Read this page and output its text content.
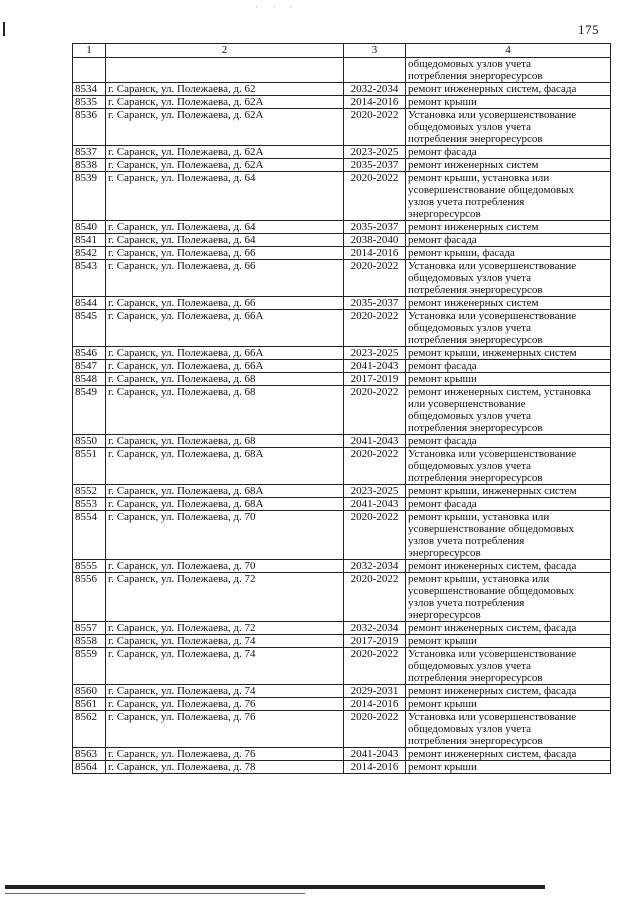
· · ·
175
1	2	3	4

			общедомовых узлов учета
потребления энергоресурсов

8534	г. Саранск, ул. Полежаева, д. 62	2032-2034	ремонт инженерных систем, фасада

8535	г. Саранск, ул. Полежаева, д. 62А	2014-2016	ремонт крыши

8536	г. Саранск, ул. Полежаева, д. 62А	2020-2022	Установка или усовершенствование
общедомовых узлов учета
потребления энергоресурсов

8537	г. Саранск, ул. Полежаева, д. 62А	2023-2025	ремонт фасада

8538	г. Саранск, ул. Полежаева, д. 62А	2035-2037	ремонт инженерных систем

8539	г. Саранск, ул. Полежаева, д. 64	2020-2022	ремонт крыши, установка или
усовершенствование общедомовых
узлов учета потребления
энергоресурсов

8540	г. Саранск, ул. Полежаева, д. 64	2035-2037	ремонт инженерных систем

8541	г. Саранск, ул. Полежаева, д. 64	2038-2040	ремонт фасада

8542	г. Саранск, ул. Полежаева, д. 66	2014-2016	ремонт крыши, фасада

8543	г. Саранск, ул. Полежаева, д. 66	2020-2022	Установка или усовершенствование
общедомовых узлов учета
потребления энергоресурсов

8544	г. Саранск, ул. Полежаева, д. 66	2035-2037	ремонт инженерных систем

8545	г. Саранск, ул. Полежаева, д. 66А	2020-2022	Установка или усовершенствование
общедомовых узлов учета
потребления энергоресурсов

8546	г. Саранск, ул. Полежаева, д. 66А	2023-2025	ремонт крыши, инженерных систем

8547	г. Саранск, ул. Полежаева, д. 66А	2041-2043	ремонт фасада

8548	г. Саранск, ул. Полежаева, д. 68	2017-2019	ремонт крыши

8549	г. Саранск, ул. Полежаева, д. 68	2020-2022	ремонт инженерных систем, установка
или усовершенствование
общедомовых узлов учета
потребления энергоресурсов

8550	г. Саранск, ул. Полежаева, д. 68	2041-2043	ремонт фасада

8551	г. Саранск, ул. Полежаева, д. 68А	2020-2022	Установка или усовершенствование
общедомовых узлов учета
потребления энергоресурсов

8552	г. Саранск, ул. Полежаева, д. 68А	2023-2025	ремонт крыши, инженерных систем

8553	г. Саранск, ул. Полежаева, д. 68А	2041-2043	ремонт фасада

8554	г. Саранск, ул. Полежаева, д. 70	2020-2022	ремонт крыши, установка или
усовершенствование общедомовых
узлов учета потребления
энергоресурсов

8555	г. Саранск, ул. Полежаева, д. 70	2032-2034	ремонт инженерных систем, фасада

8556	г. Саранск, ул. Полежаева, д. 72	2020-2022	ремонт крыши, установка или
усовершенствование общедомовых
узлов учета потребления
энергоресурсов

8557	г. Саранск, ул. Полежаева, д. 72	2032-2034	ремонт инженерных систем, фасада

8558	г. Саранск, ул. Полежаева, д. 74	2017-2019	ремонт крыши

8559	г. Саранск, ул. Полежаева, д. 74	2020-2022	Установка или усовершенствование
общедомовых узлов учета
потребления энергоресурсов

8560	г. Саранск, ул. Полежаева, д. 74	2029-2031	ремонт инженерных систем, фасада

8561	г. Саранск, ул. Полежаева, д. 76	2014-2016	ремонт крыши

8562	г. Саранск, ул. Полежаева, д. 76	2020-2022	Установка или усовершенствование
общедомовых узлов учета
потребления энергоресурсов

8563	г. Саранск, ул. Полежаева, д. 76	2041-2043	ремонт инженерных систем, фасада

8564	г. Саранск, ул. Полежаева, д. 78	2014-2016	ремонт крыши
